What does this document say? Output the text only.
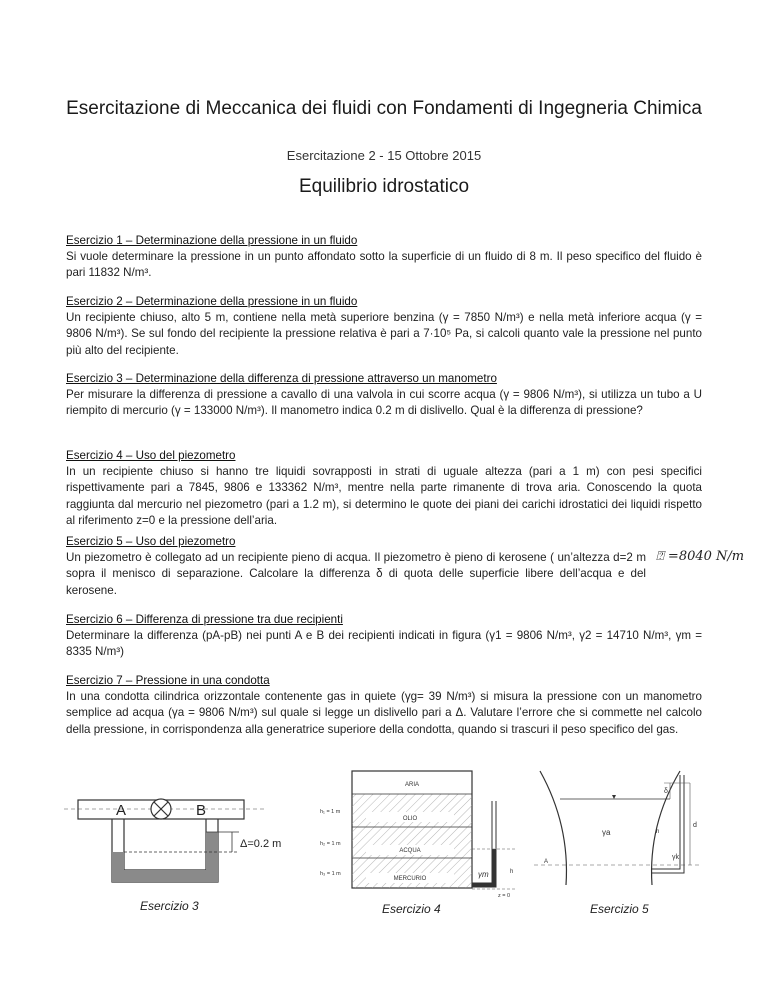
Esercitazione di Meccanica dei fluidi con Fondamenti di Ingegneria Chimica
Esercitazione 2 - 15 Ottobre 2015
Equilibrio idrostatico
Esercizio 1 – Determinazione della pressione in un fluido

Si vuole determinare la pressione in un punto affondato sotto la superficie di un fluido di 8 m. Il peso specifico del fluido è pari 11832 N/m³.

Esercizio 2 – Determinazione della pressione in un fluido

Un recipiente chiuso, alto 5 m, contiene nella metà superiore benzina (γ = 7850 N/m³) e nella metà inferiore acqua (γ = 9806 N/m³). Se sul fondo del recipiente la pressione relativa è pari a 7·10⁵ Pa, si calcoli quanto vale la pressione nel punto più alto del recipiente.

Esercizio 3 – Determinazione della differenza di pressione attraverso un manometro

Per misurare la differenza di pressione a cavallo di una valvola in cui scorre acqua (γ = 9806 N/m³), si utilizza un tubo a U riempito di mercurio (γ = 133000 N/m³). Il manometro indica 0.2 m di dislivello. Qual è la differenza di pressione?

Esercizio 4 – Uso del piezometro

In un recipiente chiuso si hanno tre liquidi sovrapposti in strati di uguale altezza (pari a 1 m) con pesi specifici rispettivamente pari a 7845, 9806 e 133362 N/m³, mentre nella parte rimanente di trova aria. Conoscendo la quota raggiunta dal mercurio nel piezometro (pari a 1.2 m), si determino le quote dei piani dei carichi idrostatici dei liquidi rispetto al riferimento z=0 e la pressione dell’aria.

Esercizio 5 – Uso del piezometro

Un piezometro è collegato ad un recipiente pieno di acqua. Il piezometro è pieno di kerosene ( un’altezza d=2 m sopra il menisco di separazione. Calcolare la differenza δ di quota delle superficie libere dell’acqua e del kerosene.

⍰ =8040 N/m
Esercizio 6 – Differenza di pressione tra due recipienti

Determinare la differenza (pA-pB) nei punti A e B dei recipienti indicati in figura (γ1 = 9806 N/m³, γ2 = 14710 N/m³, γm = 8335 N/m³)

Esercizio 7 – Pressione in una condotta

In una condotta cilindrica orizzontale contenente gas in quiete (γg= 39 N/m³) si misura la pressione con un manometro semplice ad acqua (γa = 9806 N/m³) sul quale si legge un dislivello pari a Δ. Valutare l’errore che si commette nel calcolo della pressione, in corrispondenza alla generatrice superiore della condotta, quando si trascuri il peso specifico del gas.

A	B
Δ=0.2 m
Esercizio 3
ARIA
OLIO
ACQUA
MERCURIO
h₁ = 1 m
h₂ = 1 m
h₃ = 1 m	γm	h
z = 0
Esercizio 4
δ
d
γa
γk
h
A
Esercizio 5
